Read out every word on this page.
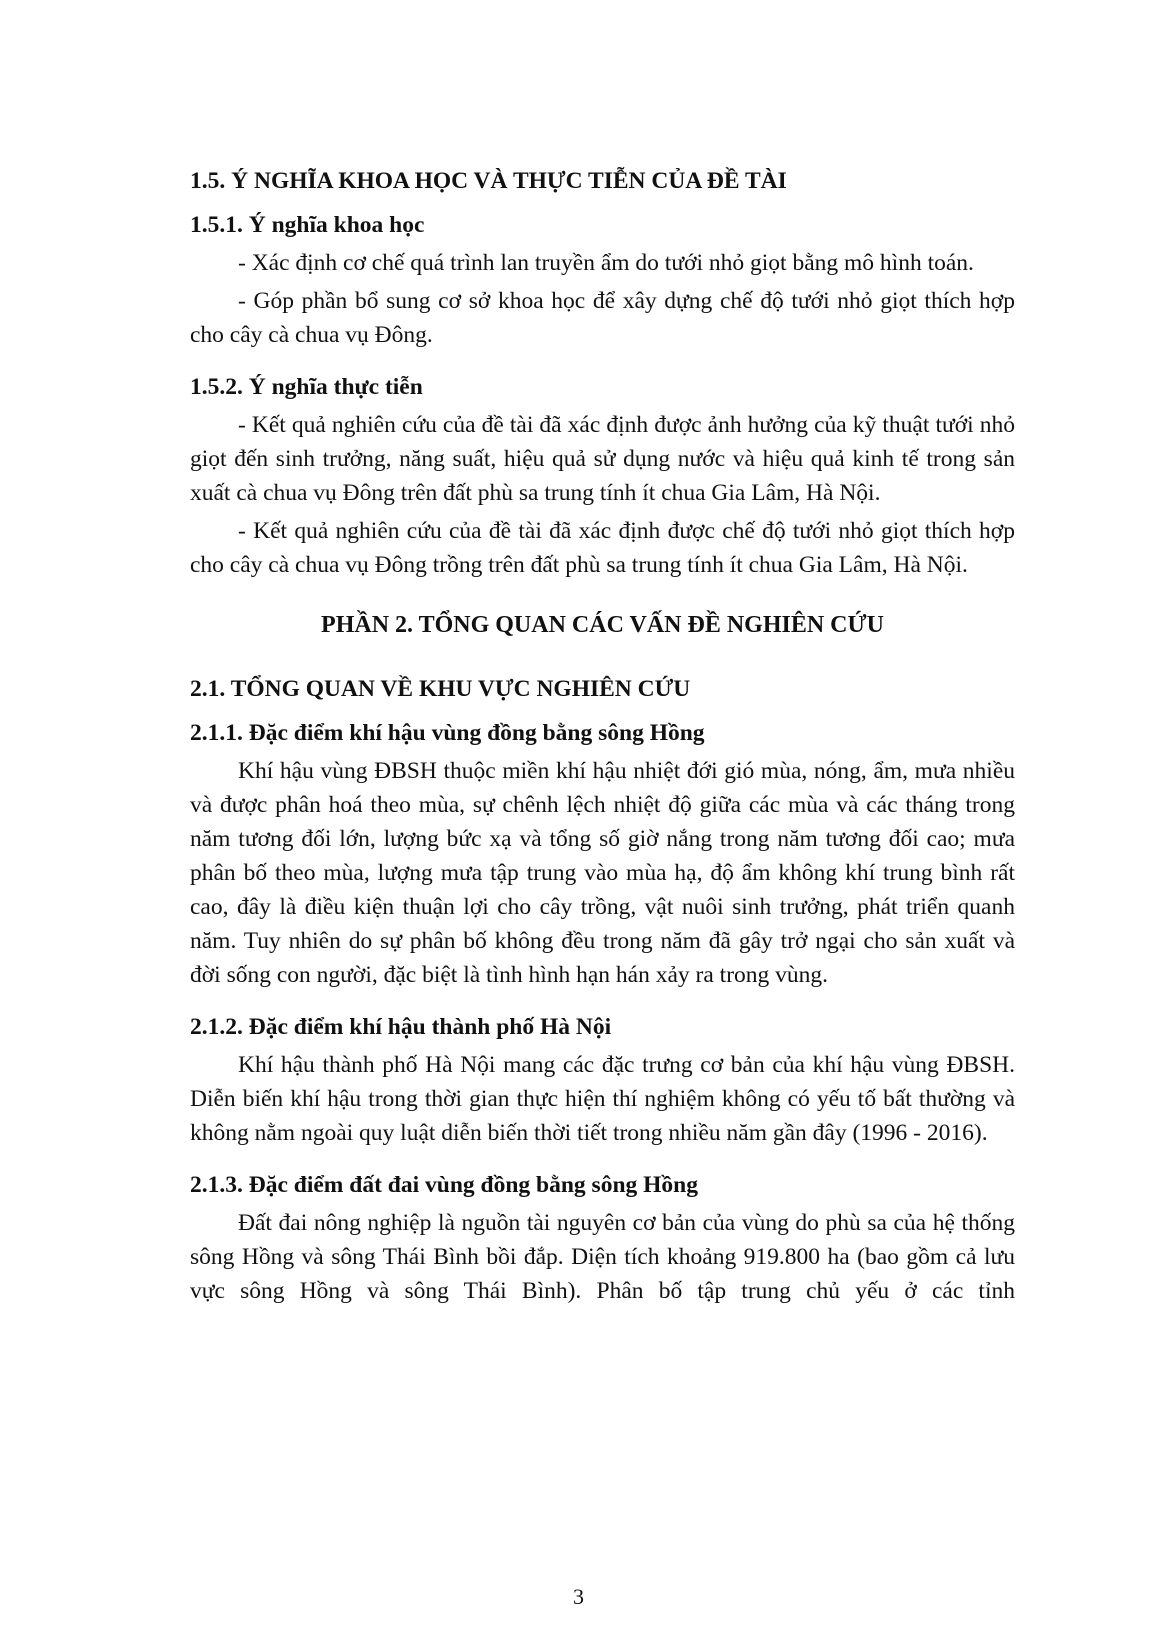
1.5. Ý NGHĨA KHOA HỌC VÀ THỰC TIỄN CỦA ĐỀ TÀI
1.5.1. Ý nghĩa khoa học

- Xác định cơ chế quá trình lan truyền ẩm do tưới nhỏ giọt bằng mô hình toán.

- Góp phần bổ sung cơ sở khoa học để xây dựng chế độ tưới nhỏ giọt thích hợp cho cây cà chua vụ Đông.

1.5.2. Ý nghĩa thực tiễn

- Kết quả nghiên cứu của đề tài đã xác định được ảnh hưởng của kỹ thuật tưới nhỏ giọt đến sinh trưởng, năng suất, hiệu quả sử dụng nước và hiệu quả kinh tế trong sản xuất cà chua vụ Đông trên đất phù sa trung tính ít chua Gia Lâm, Hà Nội.

- Kết quả nghiên cứu của đề tài đã xác định được chế độ tưới nhỏ giọt thích hợp cho cây cà chua vụ Đông trồng trên đất phù sa trung tính ít chua Gia Lâm, Hà Nội.

PHẦN 2. TỔNG QUAN CÁC VẤN ĐỀ NGHIÊN CỨU
2.1. TỔNG QUAN VỀ KHU VỰC NGHIÊN CỨU
2.1.1. Đặc điểm khí hậu vùng đồng bằng sông Hồng

Khí hậu vùng ĐBSH thuộc miền khí hậu nhiệt đới gió mùa, nóng, ẩm, mưa nhiều và được phân hoá theo mùa, sự chênh lệch nhiệt độ giữa các mùa và các tháng trong năm tương đối lớn, lượng bức xạ và tổng số giờ nắng trong năm tương đối cao; mưa phân bố theo mùa, lượng mưa tập trung vào mùa hạ, độ ẩm không khí trung bình rất cao, đây là điều kiện thuận lợi cho cây trồng, vật nuôi sinh trưởng, phát triển quanh năm. Tuy nhiên do sự phân bố không đều trong năm đã gây trở ngại cho sản xuất và đời sống con người, đặc biệt là tình hình hạn hán xảy ra trong vùng.

2.1.2. Đặc điểm khí hậu thành phố Hà Nội

Khí hậu thành phố Hà Nội mang các đặc trưng cơ bản của khí hậu vùng ĐBSH. Diễn biến khí hậu trong thời gian thực hiện thí nghiệm không có yếu tố bất thường và không nằm ngoài quy luật diễn biến thời tiết trong nhiều năm gần đây (1996 - 2016).

2.1.3. Đặc điểm đất đai vùng đồng bằng sông Hồng

Đất đai nông nghiệp là nguồn tài nguyên cơ bản của vùng do phù sa của hệ thống sông Hồng và sông Thái Bình bồi đắp. Diện tích khoảng 919.800 ha (bao gồm cả lưu vực sông Hồng và sông Thái Bình). Phân bố tập trung chủ yếu ở các tỉnh

3
